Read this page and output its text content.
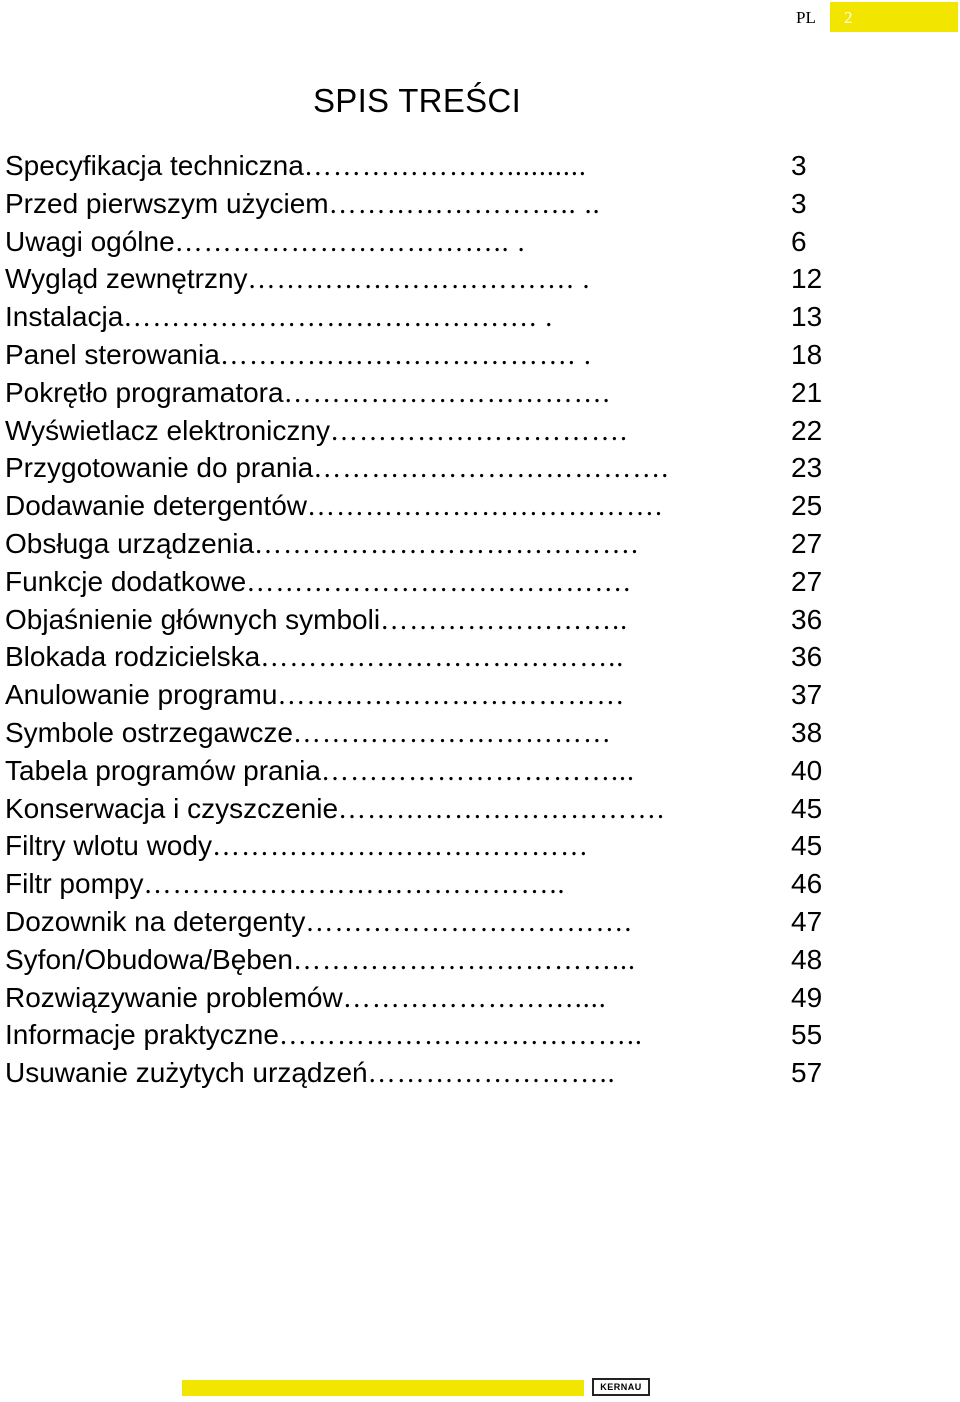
PL 2
SPIS TREŚCI
Specyfikacja techniczna …………………..........	3
Przed pierwszym użyciem …………………….. ..	3
Uwagi ogólne …………………………….. .	6
Wygląd zewnętrzny ……………………………. .	12
Instalacja ……………………………………. .	13
Panel sterowania ………………………………. .	18
Pokrętło programatora …………………………….	21
Wyświetlacz elektroniczny ………………………….	22
Przygotowanie do prania ……………………………….	23
Dodawanie detergentów ……………………………….	25
Obsługa urządzenia ………………………………….	27
Funkcje dodatkowe ………………………………….	27
Objaśnienie głównych symboli ……………………..	36
Blokada rodzicielska ………………………………..	36
Anulowanie programu ………………………………	37
Symbole ostrzegawcze ……………………………	38
Tabela programów prania …………………………...	40
Konserwacja i czyszczenie …………………………….	45
Filtry wlotu wody …………………………………	45
Filtr pompy ……………………………………..	46
Dozownik na detergenty …………………………….	47
Syfon/Obudowa/Bęben ……………………………...	48
Rozwiązywanie problemów ……………………....	49
Informacje praktyczne ………………………………..	55
Usuwanie zużytych urządzeń ……………………..	57
KERNAU
